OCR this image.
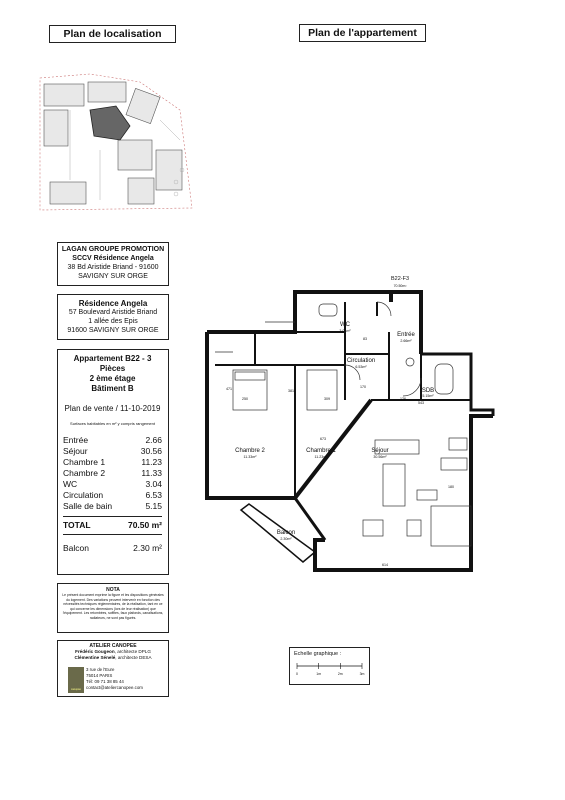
Plan de localisation	Plan de l'appartement
LAGAN GROUPE PROMOTION
SCCV Résidence Angela
38 Bd Aristide Briand - 91600
SAVIGNY SUR ORGE
Résidence Angela
57 Boulevard Aristide Briand
1 allée des Epis
91600 SAVIGNY SUR ORGE
Appartement B22 - 3 Pièces
2 ème étage
Bâtiment B
Plan de vente / 11-10-2019
Surfaces habitables en m² y compris rangement
Entrée	2.66
Séjour	30.56
Chambre 1	11.23
Chambre 2	11.33
WC	3.04
Circulation	6.53
Salle de bain	5.15
TOTAL	70.50 m²
Balcon	2.30 m²
NOTA
Le présent document exprime la figure et les dispositions générales du logement. Des variations peuvent intervenir en fonction des nécessités techniques réglementaires, de la réalisation, tant en ce qui concerne les dimensions (lors de leur réalisation) que l'équipement. Les retombées, soffites, faux plafonds, canalisations, radiateurs, ne sont pas figurés.
ATELIER CANOPEE
Frédéric Gougeon, architecte DPLG
Clémentine Sénelé, architecte DESA
canopée
3 rue de l'Eure
75014 PARIS
Tél: 09 71 38 85 44
contact@ateliercanopee.com
B22-F3
70.50m²
WC
3.04m²
Entrée
2.66m²
Circulation
6.53m²
SDB
5.15m²
Chambre 2
11.33m²
Chambre 1
11.23m²
Séjour
30.56m²
Balcon
2.30m²
250	309
543
614
471	381
673
170
126
180
83
Echelle graphique :
0	1m	2m	3m
